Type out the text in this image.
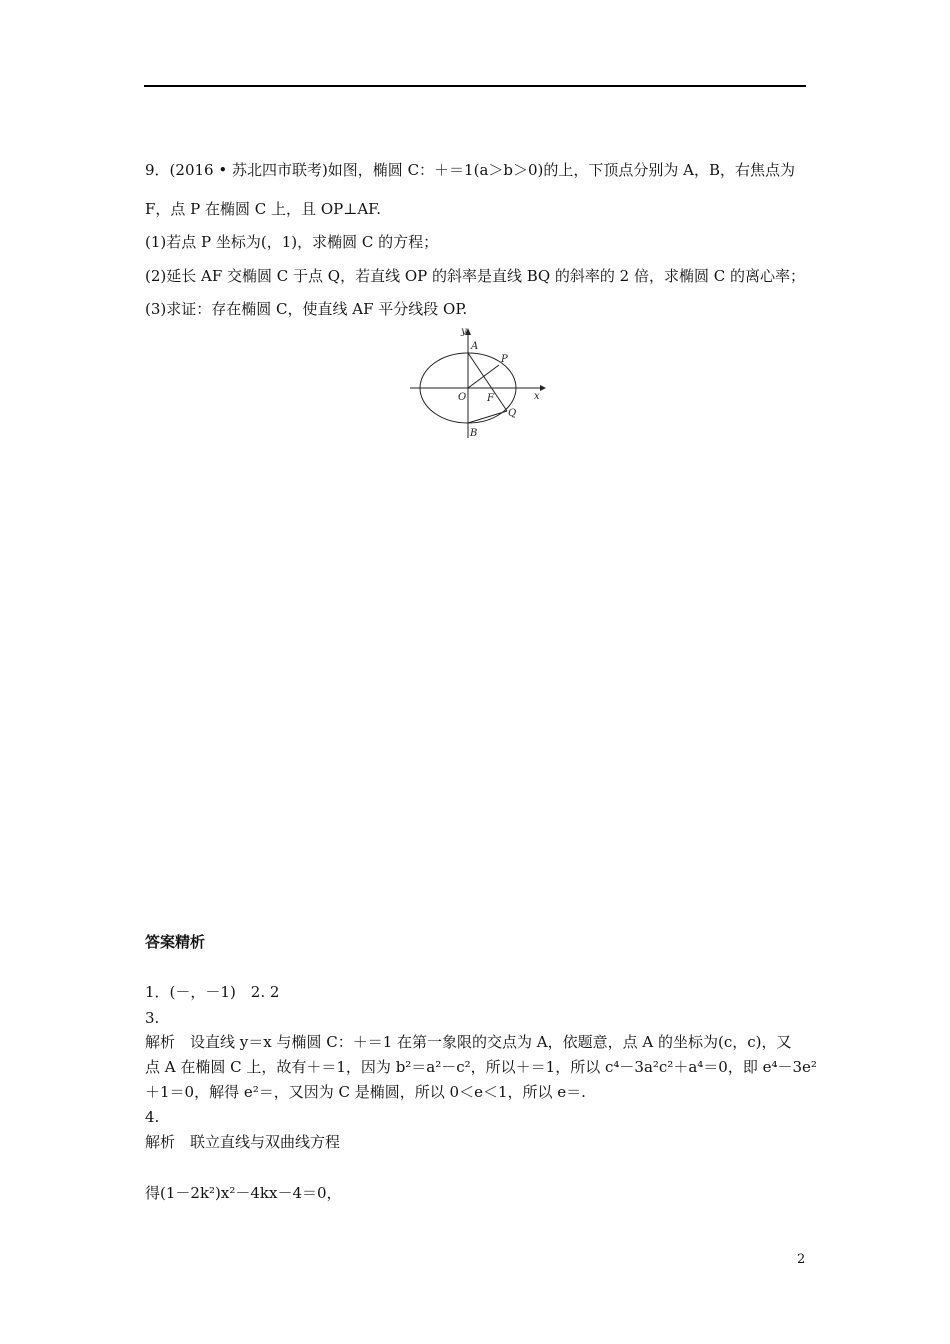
9．(2016 • 苏北四市联考)如图，椭圆 C：＋＝1(a＞b＞0)的上，下顶点分别为 A，B，右焦点为
F，点 P 在椭圆 C 上，且 OP⊥AF.
(1)若点 P 坐标为(，1)，求椭圆 C 的方程；
(2)延长 AF 交椭圆 C 于点 Q，若直线 OP 的斜率是直线 BQ 的斜率的 2 倍，求椭圆 C 的离心率；
(3)求证：存在椭圆 C，使直线 AF 平分线段 OP.
y
x
A
P
O F
Q
B
答案精析
1．(－，－1)　2. 2
3.
解析　设直线 y＝x 与椭圆 C：＋＝1 在第一象限的交点为 A，依题意，点 A 的坐标为(c，c)，又
点 A 在椭圆 C 上，故有＋＝1，因为 b²＝a²－c²，所以＋＝1，所以 c⁴－3a²c²＋a⁴＝0，即 e⁴－3e²
＋1＝0，解得 e²＝，又因为 C 是椭圆，所以 0＜e＜1，所以 e＝.
4.
解析　联立直线与双曲线方程
得(1－2k²)x²－4kx－4＝0，
2
